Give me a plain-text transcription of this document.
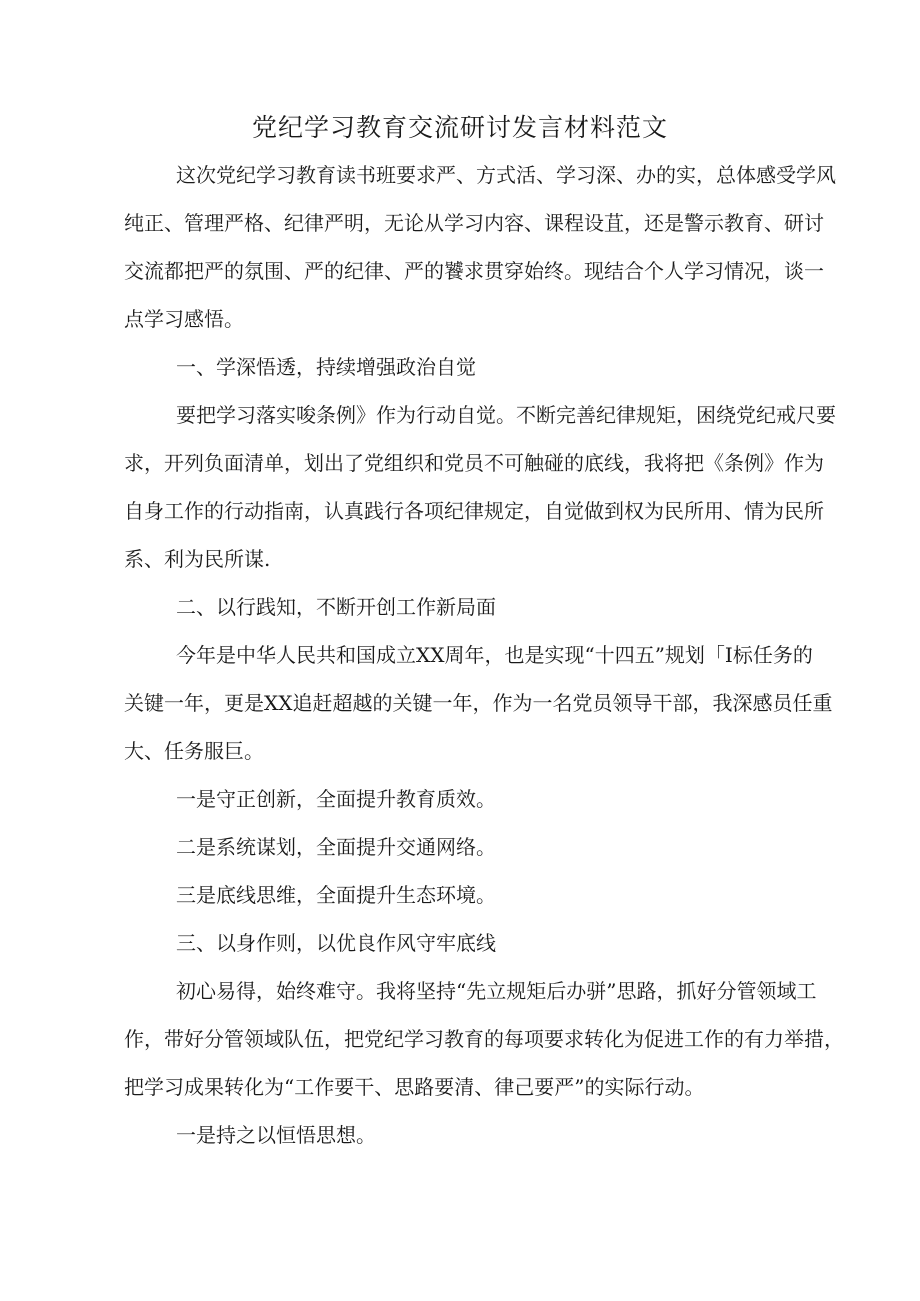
党纪学习教育交流研讨发言材料范文
这次党纪学习教育读书班要求严、方式活、学习深、办的实，总体感受学风
纯正、管理严格、纪律严明，无论从学习内容、课程设苴，还是警示教育、研讨
交流都把严的氛围、严的纪律、严的饕求贯穿始终。现结合个人学习情况，谈一
点学习感悟。
一、学深悟透，持续增强政治自觉
要把学习落实唆条例》作为行动自觉。不断完善纪律规矩，困绕党纪戒尺要
求，开列负面清单，划出了党组织和党员不可触碰的底线，我将把《条例》作为
自身工作的行动指南，认真践行各项纪律规定，自觉做到权为民所用、情为民所
系、利为民所谋.
二、以行践知，不断开创工作新局面
今年是中华人民共和国成立XX周年，也是实现“十四五”规划「I标任务的
关键一年，更是XX追赶超越的关键一年，作为一名党员领导干部，我深感员任重
大、任务服巨。
一是守正创新，全面提升教育质效。
二是系统谋划，全面提升交通网络。
三是底线思维，全面提升生态环境。
三、以身作则，以优良作风守牢底线
初心易得，始终难守。我将坚持“先立规矩后办骈”思路，抓好分管领域工
作，带好分管领域队伍，把党纪学习教育的每项要求转化为促进工作的有力举措，
把学习成果转化为“工作要干、思路要清、律己要严”的实际行动。
一是持之以恒悟思想。
